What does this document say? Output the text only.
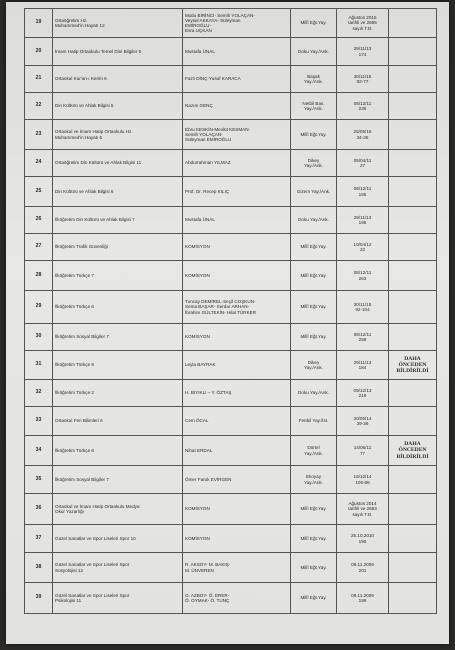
19	Ortaöğretim Hz.
Muhammed'in Hayatı 12	Mutlu BİRİNCİ- Semih YOLAÇAN-
Veysel AKKAYA- Süleyman
EMİROĞLU-
Esra UÇKAN	Millî Eğt.Yay.	Ağustos 2015
tarihli ve 2695
sayılı T.D.	

20	İmam Hatip Ortaokulu Temel Dini Bilgiler 5	Mustafa ÜNAL	Doku Yay./Ank.	29/11/13
174	

21	Ortaokul Kur'an-ı Kerim 6	Fazlı DİNÇ-Yusuf KARACA	Başak
Yay./Ank.	30/11/15
92-77	

22	Din Kültürü ve Ahlak Bilgisi 5	Nazım GENÇ	Netbil Bas.
Yay./Ank.	08/12/11
236	

23	Ortaokul ve İmam Hatip Ortaokulu Hz.
Muhammed'in Hayatı 6	Ebru KESKİN-Mevlüt KESMAN-
Semih YOLAÇAN-
Süleyman EMİROĞLU	Millî Eğt.Yay.	25/05/15
34-35	

24	Ortaöğretim Din Kültürü ve Ahlak Bilgisi 11	Abdurrahman YILMAZ	Dikey
Yay./Ank.	05/04/11
27	

25	Din Kültürü ve Ahlak Bilgisi 6	Prof. Dr. Recep KILIÇ	Gizem Yay./Ank.	06/12/11
185	

26	İlköğretim Din Kültürü ve Ahlak Bilgisi 7	Mustafa ÜNAL	Doku Yay./Ank.	29/11/13
195	

27	İlköğretim Trafik Güvenliği	KOMİSYON	Millî Eğt.Yay.	10/04/12
22	

28	İlköğretim Türkçe 7	KOMİSYON	Millî Eğt.Yay.	08/12/11
263	

29	İlköğretim Türkçe 6	Tuncay DEMİREL-Seçil COŞKUN-
Sema BAŞAR- Serdar ARHAN-
İbrahim GÜLTEKİN- Hilal TÜRKER	Millî Eğt.Yay.	30/11/15
92-104	

30	İlköğretim Sosyal Bilgiler 7	KOMİSYON	Millî Eğt.Yay.	06/12/11
258	

31	İlköğretim Türkçe 8	Leyla BAYRAK	Dikey
Yay./Ank.	29/11/13
184	DAHA
ÖNCEDEN
BİLDİRİLDİ

32	İlköğretim Türkçe 2	H. BIYIKLI – Y. ÖZTAŞ	Doku Yay./Ank.	09/12/13
219	

33	Ortaokul Fen Bilimleri 6	Cem ÖCAL	Fenbil Yay./İst.	30/05/14
39-36	

34	İlköğretim Türkçe 6	Nihat ERDAL	Dörtel
Yay./Ank.	14/06/11
77	DAHA
ÖNCEDEN
BİLDİRİLDİ

35	İlköğretim Sosyal Bilgiler 7	Ömer Faruk EVİRGEN	Ekoyay
Yay./Ank.	16/12/14
106-88	

36	Ortaokul ve İmam Hatip Ortaokulu Medya
Okur Yazarlığı	KOMİSYON	Millî Eğt.Yay.	Ağustos 2014
tarihli ve 2683
sayılı T.D.	

37	Güzel Sanatlar ve Spor Liseleri Spor 10	KOMİSYON	Millî Eğt.Yay.	25.10.2010
190	

38	Güzel Sanatlar ve Spor Liseleri Spor
Sosyolojisi 12	R. AKSOY- M. BAKIŞ-
M. ÜNVEREN	Millî Eğt.Yay.	09.11.2009
201	

39	Güzel Sanatlar ve Spor Liseleri Spor
Psikolojisi 11	O. AZBOY- Ö. ERER-
Ö. OYMAK- Ö. TUNÇ	Millî Eğt.Yay.	09.11.2009
199	
